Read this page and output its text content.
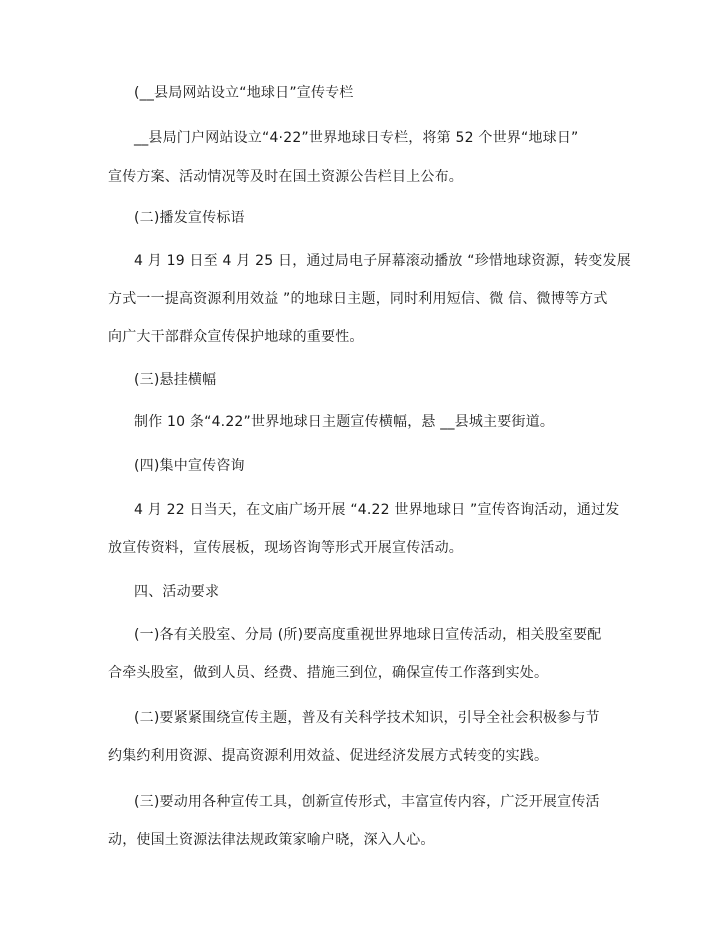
(__县局网站设立“地球日”宣传专栏
__县局门户网站设立“4·22”世界地球日专栏，将第 52 个世界“地球日”
宣传方案、活动情况等及时在国土资源公告栏目上公布。
(二)播发宣传标语
4 月 19 日至 4 月 25 日，通过局电子屏幕滚动播放 “珍惜地球资源，转变发展
方式一一提高资源利用效益 ”的地球日主题，同时利用短信、微 信、微博等方式
向广大干部群众宣传保护地球的重要性。
(三)悬挂横幅
制作 10 条“4.22”世界地球日主题宣传横幅，悬 __县城主要街道。
(四)集中宣传咨询
4 月 22 日当天，在文庙广场开展 “4.22 世界地球日 ”宣传咨询活动，通过发
放宣传资料，宣传展板，现场咨询等形式开展宣传活动。
四、活动要求
(一)各有关股室、分局 (所)要高度重视世界地球日宣传活动，相关股室要配
合牵头股室，做到人员、经费、措施三到位，确保宣传工作落到实处。
(二)要紧紧围绕宣传主题，普及有关科学技术知识，引导全社会积极参与节
约集约利用资源、提高资源利用效益、促进经济发展方式转变的实践。
(三)要动用各种宣传工具，创新宣传形式，丰富宣传内容，广泛开展宣传活
动，使国土资源法律法规政策家喻户晓，深入人心。
